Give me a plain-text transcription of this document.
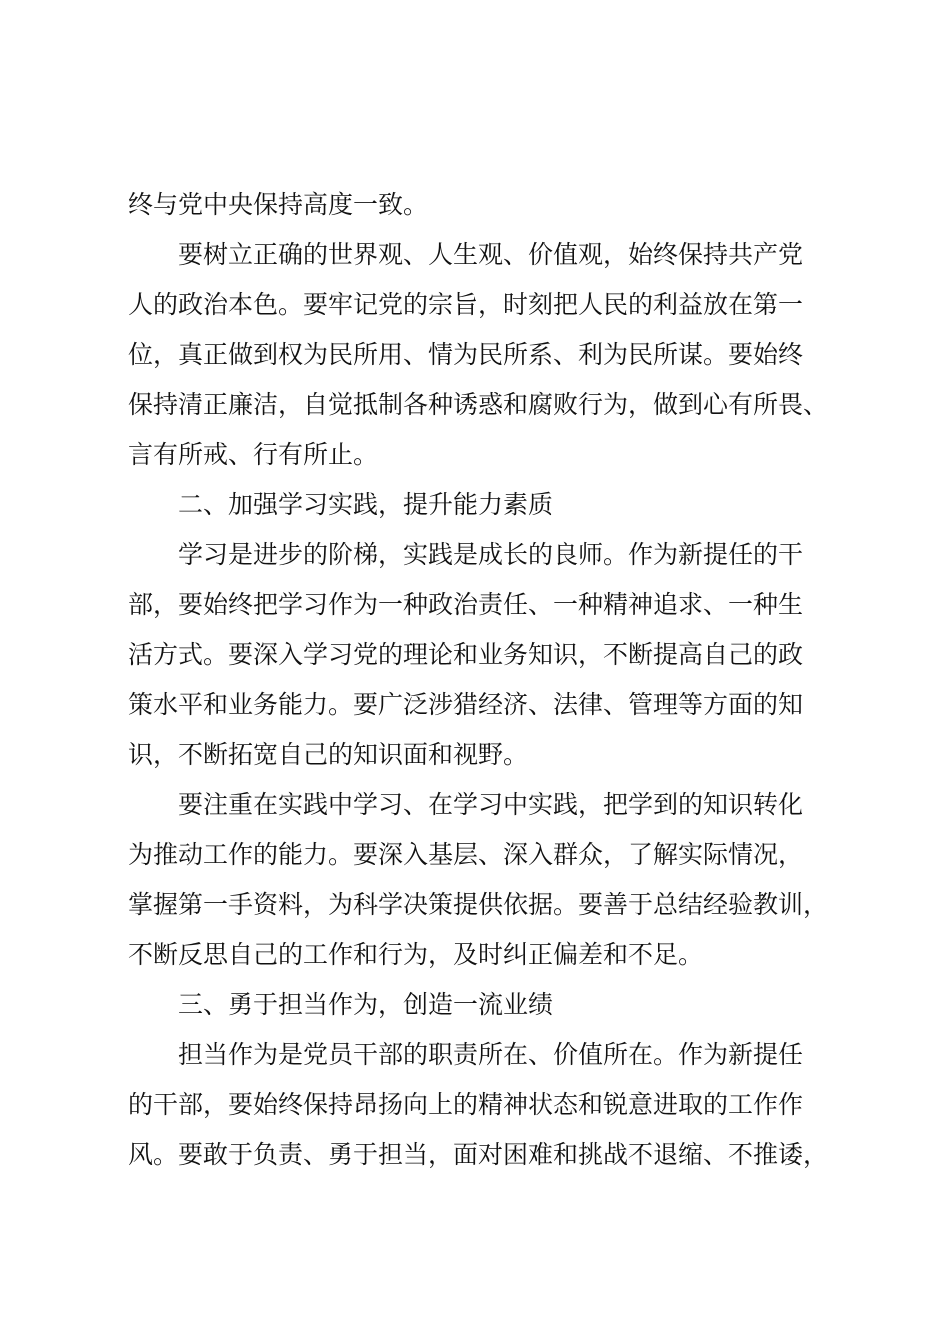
终与党中央保持高度一致。
要树立正确的世界观、人生观、价值观，始终保持共产党
人的政治本色。要牢记党的宗旨，时刻把人民的利益放在第一
位，真正做到权为民所用、情为民所系、利为民所谋。要始终
保持清正廉洁，自觉抵制各种诱惑和腐败行为，做到心有所畏、
言有所戒、行有所止。
二、加强学习实践，提升能力素质
学习是进步的阶梯，实践是成长的良师。作为新提任的干
部，要始终把学习作为一种政治责任、一种精神追求、一种生
活方式。要深入学习党的理论和业务知识，不断提高自己的政
策水平和业务能力。要广泛涉猎经济、法律、管理等方面的知
识，不断拓宽自己的知识面和视野。
要注重在实践中学习、在学习中实践，把学到的知识转化
为推动工作的能力。要深入基层、深入群众，了解实际情况，
掌握第一手资料，为科学决策提供依据。要善于总结经验教训，
不断反思自己的工作和行为，及时纠正偏差和不足。
三、勇于担当作为，创造一流业绩
担当作为是党员干部的职责所在、价值所在。作为新提任
的干部，要始终保持昂扬向上的精神状态和锐意进取的工作作
风。要敢于负责、勇于担当，面对困难和挑战不退缩、不推诿，
